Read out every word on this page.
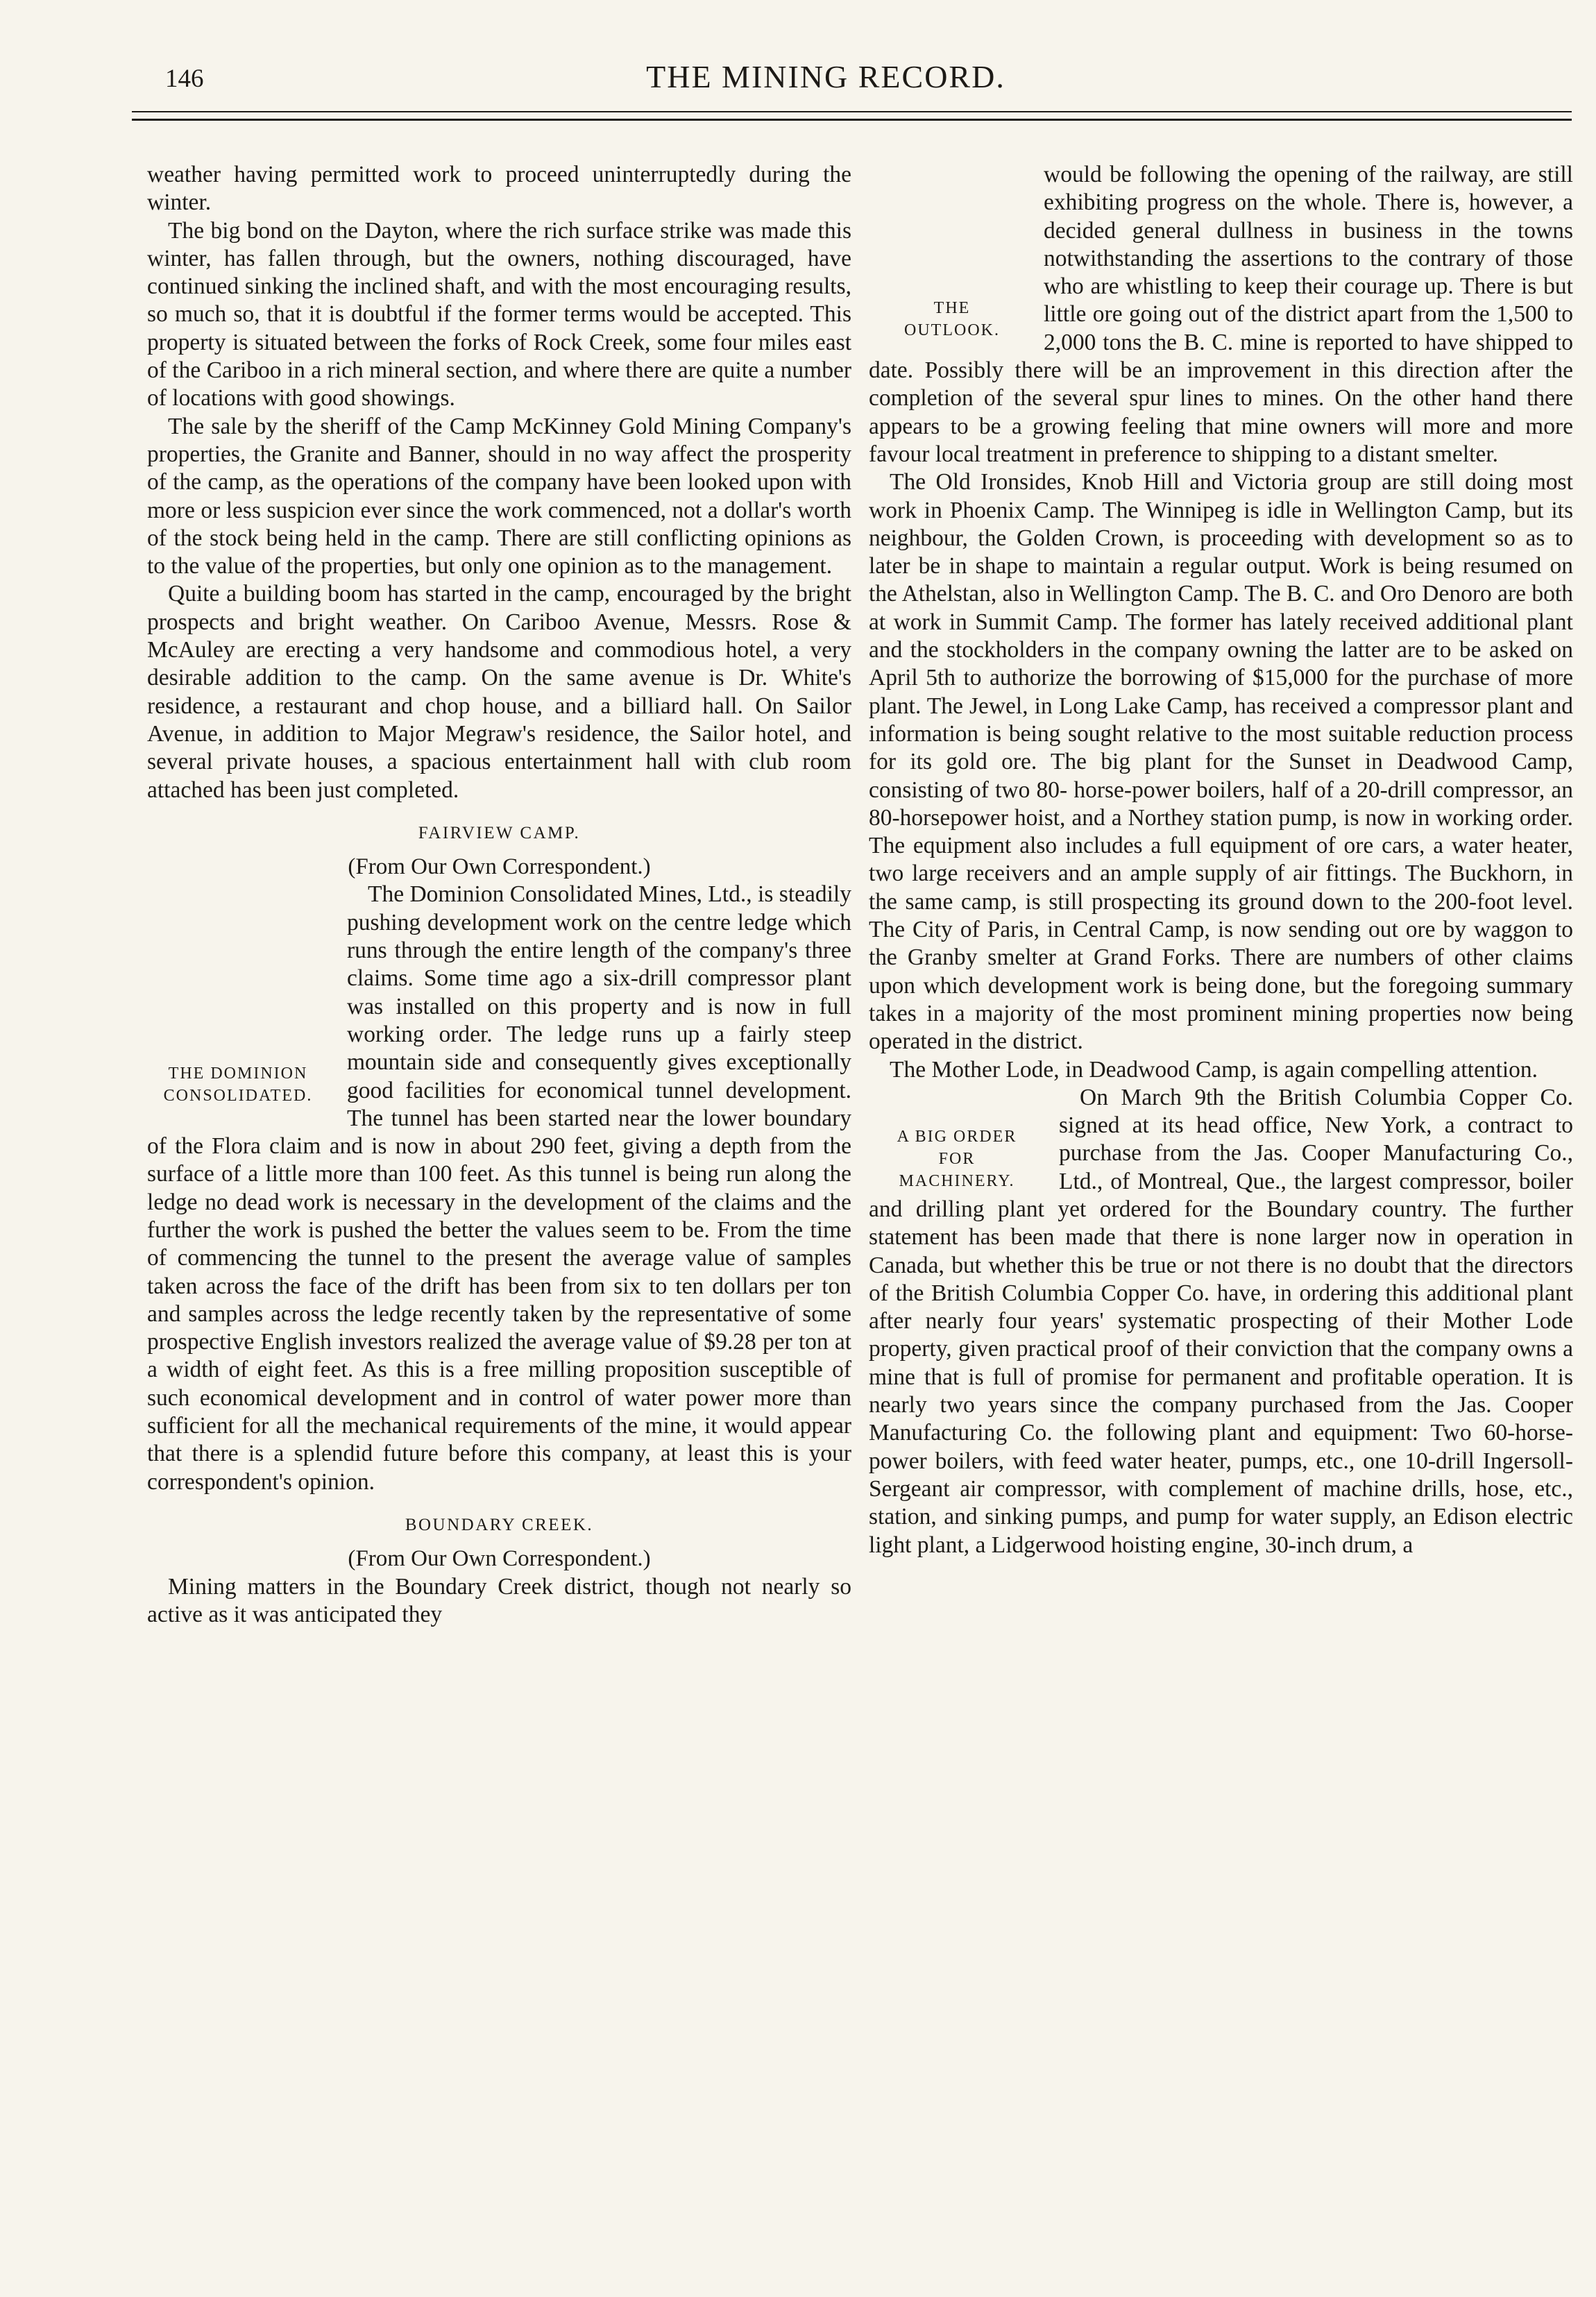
146	THE MINING RECORD.

weather having permitted work to proceed uninterruptedly during the winter.

The big bond on the Dayton, where the rich surface strike was made this winter, has fallen through, but the owners, nothing discouraged, have continued sinking the inclined shaft, and with the most encouraging results, so much so, that it is doubtful if the former terms would be accepted. This property is situated between the forks of Rock Creek, some four miles east of the Cariboo in a rich mineral section, and where there are quite a number of locations with good showings.

The sale by the sheriff of the Camp McKinney Gold Mining Company's properties, the Granite and Banner, should in no way affect the prosperity of the camp, as the operations of the company have been looked upon with more or less suspicion ever since the work commenced, not a dollar's worth of the stock being held in the camp. There are still conflicting opinions as to the value of the properties, but only one opinion as to the management.

Quite a building boom has started in the camp, encouraged by the bright prospects and bright weather. On Cariboo Avenue, Messrs. Rose & McAuley are erecting a very handsome and commodious hotel, a very desirable addition to the camp. On the same avenue is Dr. White's residence, a restaurant and chop house, and a billiard hall. On Sailor Avenue, in addition to Major Megraw's residence, the Sailor hotel, and several private houses, a spacious entertainment hall with club room attached has been just completed.

FAIRVIEW CAMP.
(From Our Own Correspondent.)
THE DOMINION
CONSOLIDATED.

The Dominion Consolidated Mines, Ltd., is steadily pushing development work on the centre ledge which runs through the entire length of the company's three claims. Some time ago a six-drill compressor plant was installed on this property and is now in full working order. The ledge runs up a fairly steep mountain side and consequently gives exceptionally good facilities for economical tunnel development. The tunnel has been started near the lower boundary of the Flora claim and is now in about 290 feet, giving a depth from the surface of a little more than 100 feet. As this tunnel is being run along the ledge no dead work is necessary in the development of the claims and the further the work is pushed the better the values seem to be. From the time of commencing the tunnel to the present the average value of samples taken across the face of the drift has been from six to ten dollars per ton and samples across the ledge recently taken by the representative of some prospective English investors realized the average value of $9.28 per ton at a width of eight feet. As this is a free milling proposition susceptible of such economical development and in control of water power more than sufficient for all the mechanical requirements of the mine, it would appear that there is a splendid future before this company, at least this is your correspondent's opinion.

BOUNDARY CREEK.
(From Our Own Correspondent.)

Mining matters in the Boundary Creek district, though not nearly so active as it was anticipated they

THE
OUTLOOK.

would be following the opening of the railway, are still exhibiting progress on the whole. There is, however, a decided general dullness in business in the towns notwithstanding the assertions to the contrary of those who are whistling to keep their courage up. There is but little ore going out of the district apart from the 1,500 to 2,000 tons the B. C. mine is reported to have shipped to date. Possibly there will be an improvement in this direction after the completion of the several spur lines to mines. On the other hand there appears to be a growing feeling that mine owners will more and more favour local treatment in preference to shipping to a distant smelter.

The Old Ironsides, Knob Hill and Victoria group are still doing most work in Phoenix Camp. The Winnipeg is idle in Wellington Camp, but its neighbour, the Golden Crown, is proceeding with development so as to later be in shape to maintain a regular output. Work is being resumed on the Athelstan, also in Wellington Camp. The B. C. and Oro Denoro are both at work in Summit Camp. The former has lately received additional plant and the stockholders in the company owning the latter are to be asked on April 5th to authorize the borrowing of $15,000 for the purchase of more plant. The Jewel, in Long Lake Camp, has received a compressor plant and information is being sought relative to the most suitable reduction process for its gold ore. The big plant for the Sunset in Deadwood Camp, consisting of two 80- horse-power boilers, half of a 20-drill compressor, an 80-horsepower hoist, and a Northey station pump, is now in working order. The equipment also includes a full equipment of ore cars, a water heater, two large receivers and an ample supply of air fittings. The Buckhorn, in the same camp, is still prospecting its ground down to the 200-foot level. The City of Paris, in Central Camp, is now sending out ore by waggon to the Granby smelter at Grand Forks. There are numbers of other claims upon which development work is being done, but the foregoing summary takes in a majority of the most prominent mining properties now being operated in the district.

The Mother Lode, in Deadwood Camp, is again compelling attention.

A BIG ORDER
FOR
MACHINERY.

On March 9th the British Columbia Copper Co. signed at its head office, New York, a contract to purchase from the Jas. Cooper Manufacturing Co., Ltd., of Montreal, Que., the largest compressor, boiler and drilling plant yet ordered for the Boundary country. The further statement has been made that there is none larger now in operation in Canada, but whether this be true or not there is no doubt that the directors of the British Columbia Copper Co. have, in ordering this additional plant after nearly four years' systematic prospecting of their Mother Lode property, given practical proof of their conviction that the company owns a mine that is full of promise for permanent and profitable operation. It is nearly two years since the company purchased from the Jas. Cooper Manufacturing Co. the following plant and equipment: Two 60-horse-power boilers, with feed water heater, pumps, etc., one 10-drill Ingersoll-Sergeant air compressor, with complement of machine drills, hose, etc., station, and sinking pumps, and pump for water supply, an Edison electric light plant, a Lidgerwood hoisting engine, 30-inch drum, a
